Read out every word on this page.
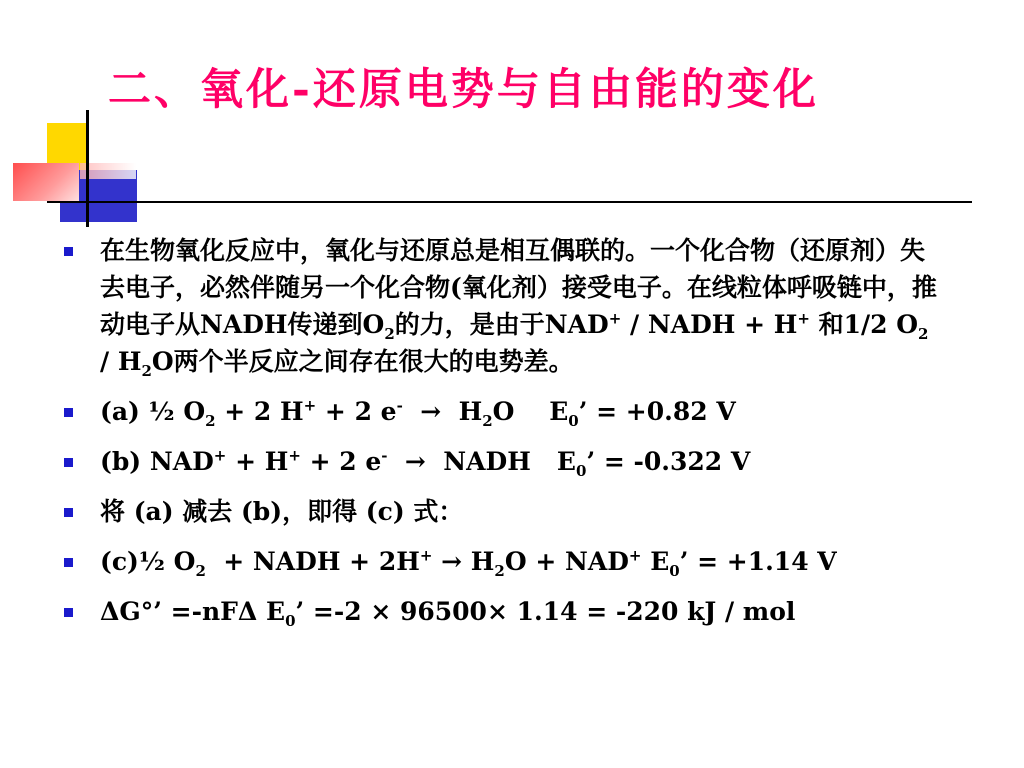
二、氧化-还原电势与自由能的变化
在生物氧化反应中，氧化与还原总是相互偶联的。一个化合物（还原剂）失去电子，必然伴随另一个化合物(氧化剂）接受电子。在线粒体呼吸链中，推动电子从NADH传递到$O_2$的力，是由于NAD+ / NADH + H+ 和1/2 $O_2 / H_2O$两个半反应之间存在很大的电势差。
(a) ½ $O_2 + 2$ H+ + 2 $e^- \to H_2O$    $E_0$’ = +0.82 V
(b) NAD+ + H+ + 2 e-  →  NADH   $E_0$’ = -0.322 V
将 (a) 减去 (b)，即得 (c) 式：
(c)½ $O_2$  + NADH + $2H^+ \to H_2O + NAD^+$ $E_0$’ = +1.14 V
ΔG°’ =-nFΔ $E_0$’ =-2 × 96500× 1.14 = -220 kJ / mol
